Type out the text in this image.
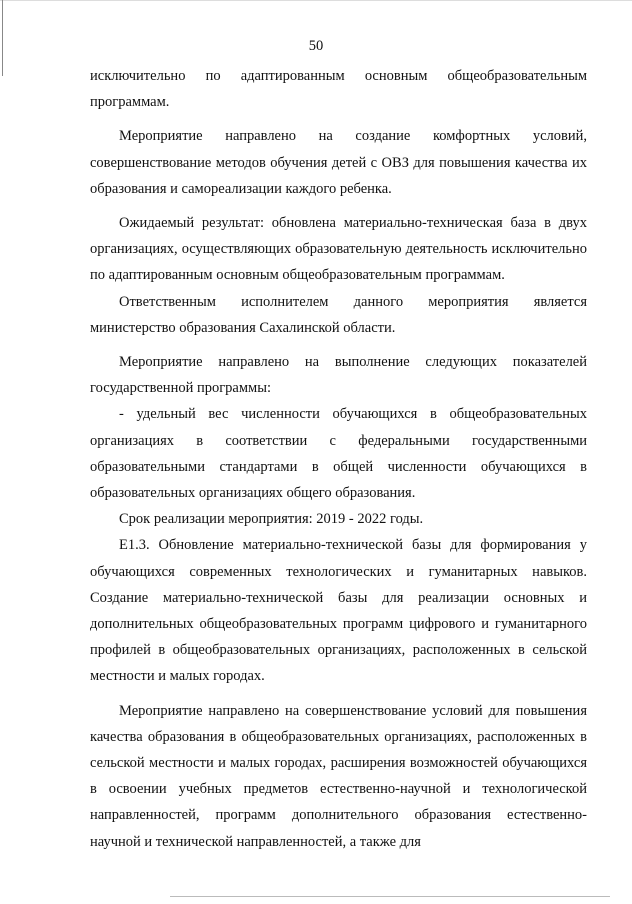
50

исключительно по адаптированным основным общеобразовательным программам.

Мероприятие направлено на создание комфортных условий, совершенствование методов обучения детей с ОВЗ для повышения качества их образования и самореализации каждого ребенка.

Ожидаемый результат: обновлена материально-техническая база в двух организациях, осуществляющих образовательную деятельность исключительно по адаптированным основным общеобразовательным программам.

Ответственным исполнителем данного мероприятия является министерство образования Сахалинской области.

Мероприятие направлено на выполнение следующих показателей государственной программы:

- удельный вес численности обучающихся в общеобразовательных организациях в соответствии с федеральными государственными образовательными стандартами в общей численности обучающихся в образовательных организациях общего образования.

Срок реализации мероприятия: 2019 - 2022 годы.

Е1.3. Обновление материально-технической базы для формирования у обучающихся современных технологических и гуманитарных навыков. Создание материально-технической базы для реализации основных и дополнительных общеобразовательных программ цифрового и гуманитарного профилей в общеобразовательных организациях, расположенных в сельской местности и малых городах.

Мероприятие направлено на совершенствование условий для повышения качества образования в общеобразовательных организациях, расположенных в сельской местности и малых городах, расширения возможностей обучающихся в освоении учебных предметов естественно-научной и технологической направленностей, программ дополнительного образования естественно-научной и технической направленностей, а также для
